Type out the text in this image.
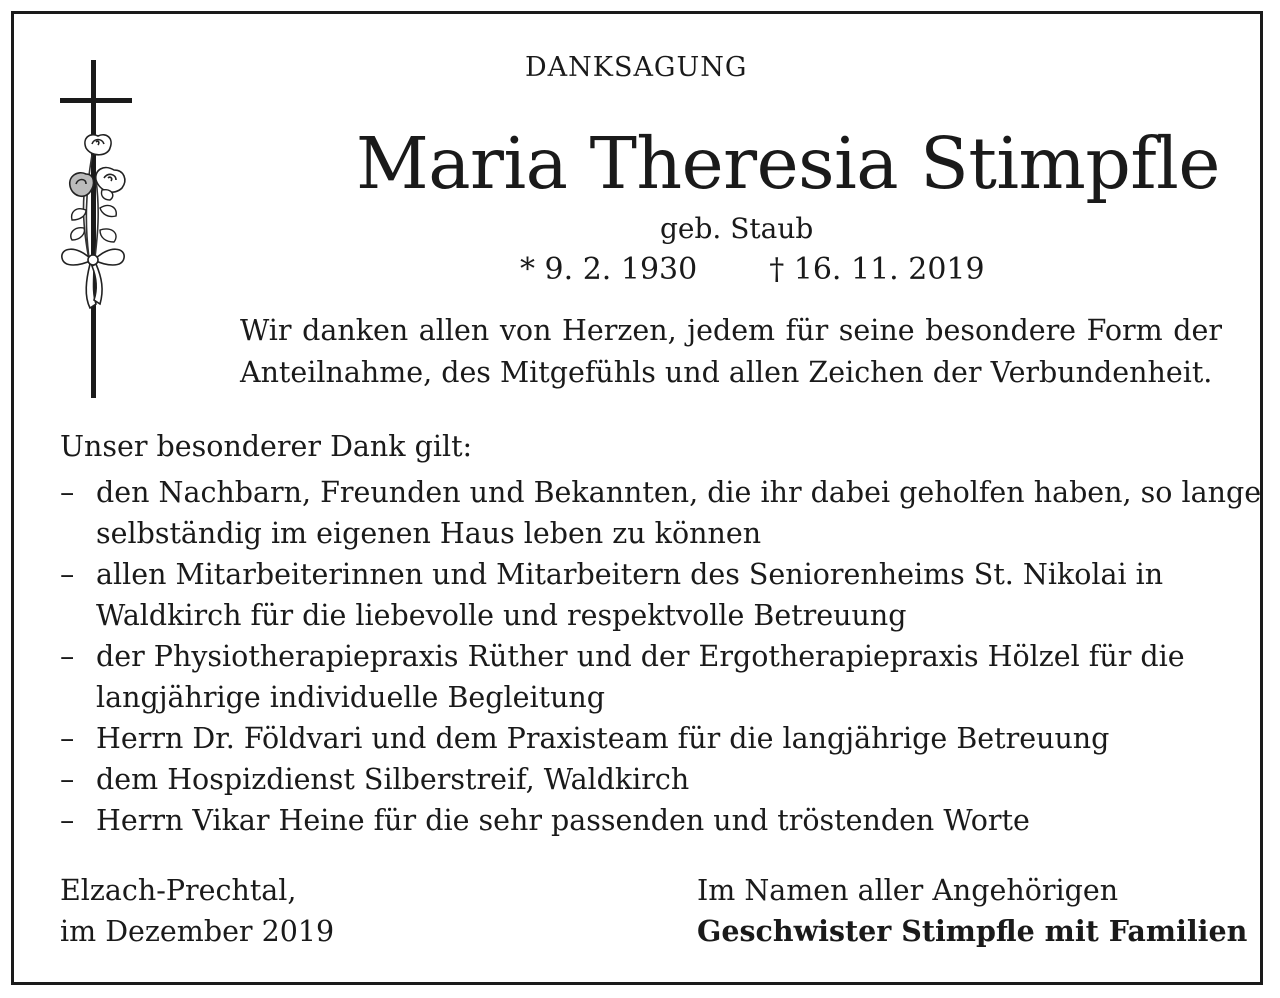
DANKSAGUNG
Maria Theresia Stimpfle
geb. Staub
* 9. 2. 1930 † 16. 11. 2019
Wir danken allen von Herzen, jedem für seine besondere Form der
Anteilnahme, des Mitgefühls und allen Zeichen der Verbundenheit.
Unser besonderer Dank gilt:
– den Nachbarn, Freunden und Bekannten, die ihr dabei geholfen haben, so lange
selbständig im eigenen Haus leben zu können
– allen Mitarbeiterinnen und Mitarbeitern des Seniorenheims St. Nikolai in
Waldkirch für die liebevolle und respektvolle Betreuung
– der Physiotherapiepraxis Rüther und der Ergotherapiepraxis Hölzel für die
langjährige individuelle Begleitung
– Herrn Dr. Földvari und dem Praxisteam für die langjährige Betreuung
– dem Hospizdienst Silberstreif, Waldkirch
– Herrn Vikar Heine für die sehr passenden und tröstenden Worte
Elzach-Prechtal,
im Dezember 2019
Im Namen aller Angehörigen
Geschwister Stimpfle mit Familien
